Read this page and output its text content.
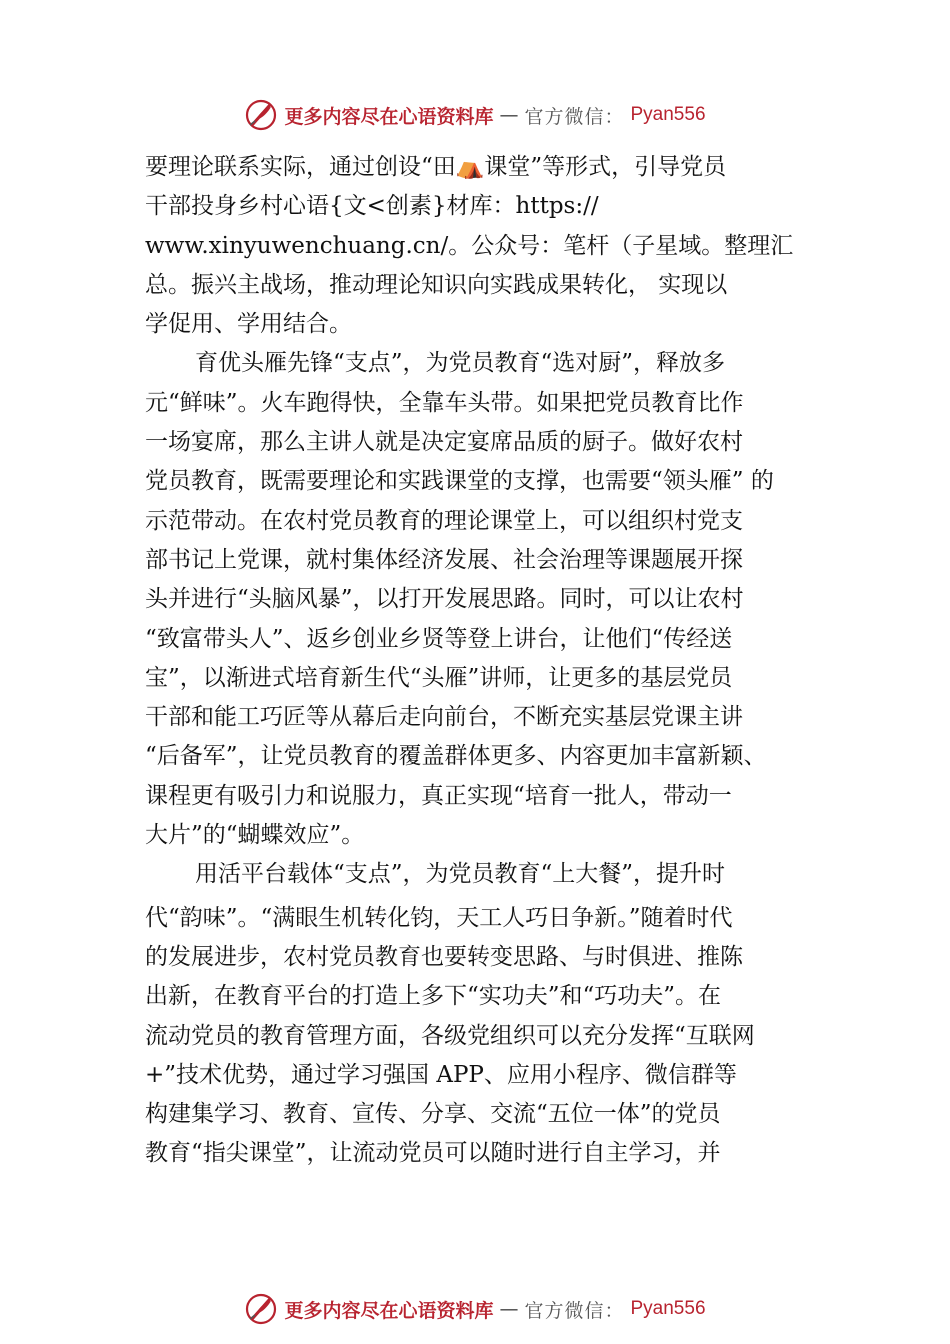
更多内容尽在心语资料库 — 官方微信： Pyan556
要理论联系实际，通过创设“田⛺课堂”等形式，引导党员
干部投身乡村心语{文<创素}材库：https://
www.xinyuwenchuang.cn/。公众号：笔杆（子星域。整理汇
总。振兴主战场，推动理论知识向实践成果转化， 实现以
学促用、学用结合。
育优头雁先锋“支点”，为党员教育“选对厨”，释放多
元“鲜味”。火车跑得快，全靠车头带。如果把党员教育比作
一场宴席，那么主讲人就是决定宴席品质的厨子。做好农村
党员教育，既需要理论和实践课堂的支撑，也需要“领头雁” 的
示范带动。在农村党员教育的理论课堂上，可以组织村党支
部书记上党课，就村集体经济发展、社会治理等课题展开探
头并进行“头脑风暴”，以打开发展思路。同时，可以让农村
“致富带头人”、返乡创业乡贤等登上讲台，让他们“传经送
宝”，以渐进式培育新生代“头雁”讲师，让更多的基层党员
干部和能工巧匠等从幕后走向前台，不断充实基层党课主讲
“后备军”，让党员教育的覆盖群体更多、内容更加丰富新颖、
课程更有吸引力和说服力，真正实现“培育一批人，带动一
大片”的“蝴蝶效应”。
用活平台载体“支点”，为党员教育“上大餐”，提升时
代“韵味”。“满眼生机转化钧，天工人巧日争新。”随着时代
的发展进步，农村党员教育也要转变思路、与时俱进、推陈
出新，在教育平台的打造上多下“实功夫”和“巧功夫”。在
流动党员的教育管理方面，各级党组织可以充分发挥“互联网
+”技术优势，通过学习强国 APP、应用小程序、微信群等
构建集学习、教育、宣传、分享、交流“五位一体”的党员
教育“指尖课堂”，让流动党员可以随时进行自主学习，并
更多内容尽在心语资料库 — 官方微信： Pyan556
